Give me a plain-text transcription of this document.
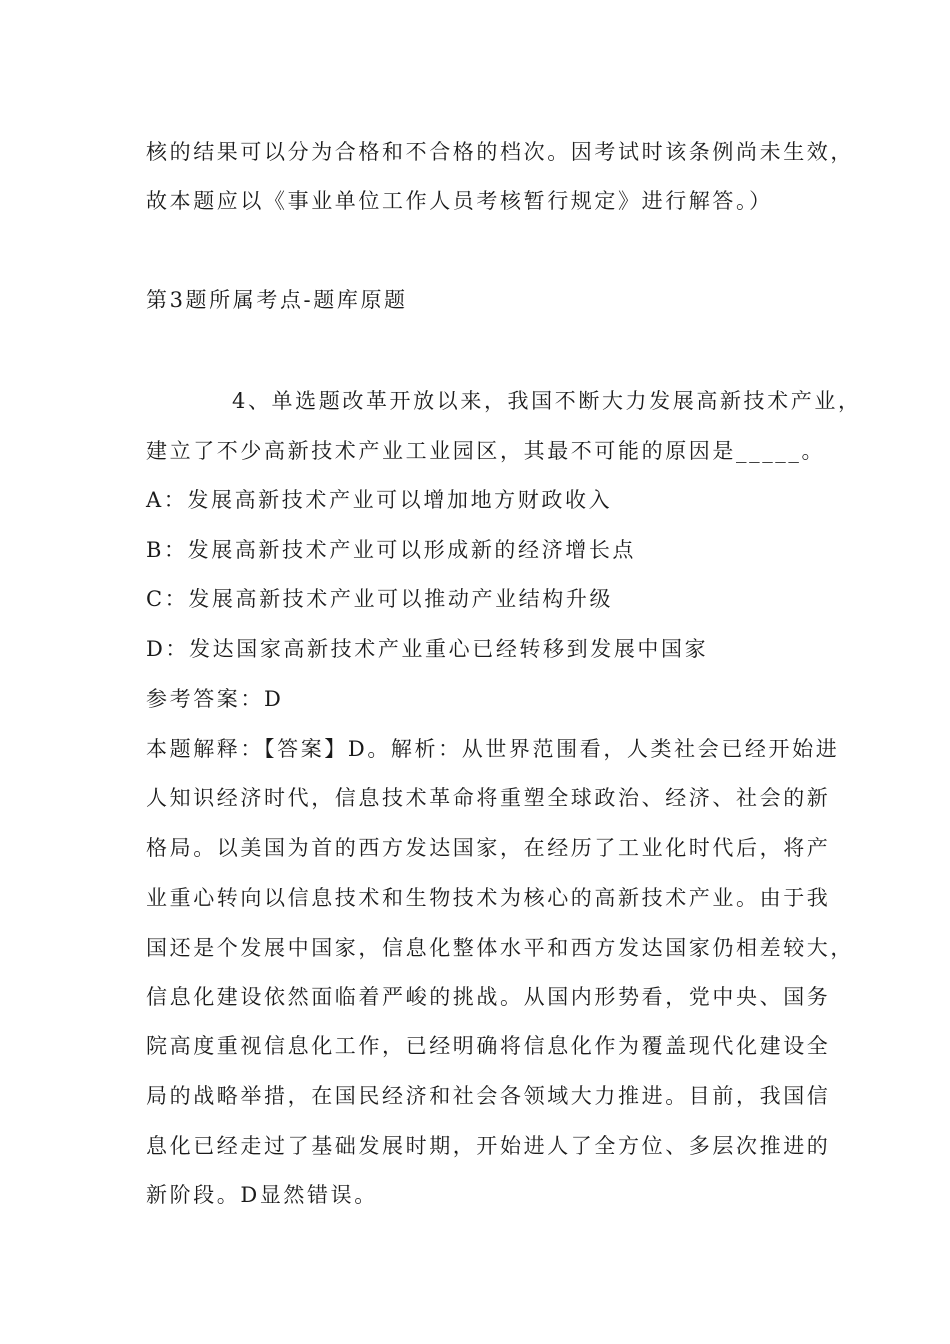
核的结果可以分为合格和不合格的档次。因考试时该条例尚未生效，
故本题应以《事业单位工作人员考核暂行规定》进行解答。）
第3题所属考点-题库原题
4、单选题改革开放以来，我国不断大力发展高新技术产业，
建立了不少高新技术产业工业园区，其最不可能的原因是_____。
A：发展高新技术产业可以增加地方财政收入
B：发展高新技术产业可以形成新的经济增长点
C：发展高新技术产业可以推动产业结构升级
D：发达国家高新技术产业重心已经转移到发展中国家
参考答案：D
本题解释：【答案】D。解析：从世界范围看，人类社会已经开始进
人知识经济时代，信息技术革命将重塑全球政治、经济、社会的新
格局。以美国为首的西方发达国家，在经历了工业化时代后，将产
业重心转向以信息技术和生物技术为核心的高新技术产业。由于我
国还是个发展中国家，信息化整体水平和西方发达国家仍相差较大，
信息化建设依然面临着严峻的挑战。从国内形势看，党中央、国务
院高度重视信息化工作，已经明确将信息化作为覆盖现代化建设全
局的战略举措，在国民经济和社会各领域大力推进。目前，我国信
息化已经走过了基础发展时期，开始进人了全方位、多层次推进的
新阶段。D显然错误。
